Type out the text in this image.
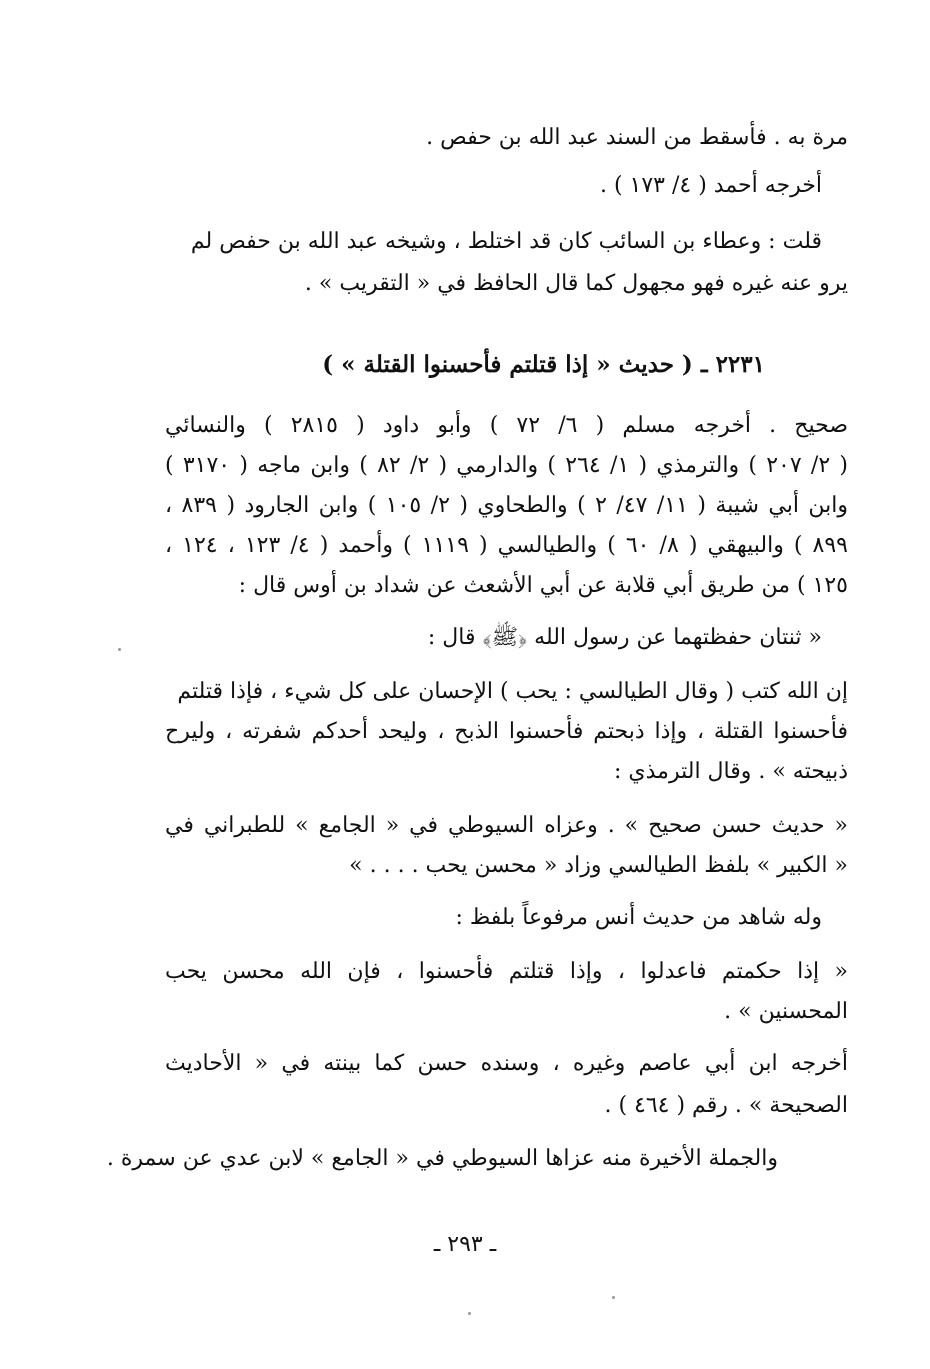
مرة به . فأسقط من السند عبد الله بن حفص .
أخرجه أحمد ( ٤/ ١٧٣ ) .
قلت : وعطاء بن السائب كان قد اختلط ، وشيخه عبد الله بن حفص لم
يرو عنه غيره فهو مجهول كما قال الحافظ في « التقريب » .
٢٢٣١ ـ ( حديث « إذا قتلتم فأحسنوا القتلة » )
صحيح . أخرجه مسلم ( ٦/ ٧٢ ) وأبو داود ( ٢٨١٥ ) والنسائي
( ٢/ ٢٠٧ ) والترمذي ( ١/ ٢٦٤ ) والدارمي ( ٢/ ٨٢ ) وابن ماجه ( ٣١٧٠ )
وابن أبي شيبة ( ١١/ ٤٧/ ٢ ) والطحاوي ( ٢/ ١٠٥ ) وابن الجارود ( ٨٣٩ ،
٨٩٩ ) والبيهقي ( ٨/ ٦٠ ) والطيالسي ( ١١١٩ ) وأحمد ( ٤/ ١٢٣ ، ١٢٤ ،
١٢٥ ) من طريق أبي قلابة عن أبي الأشعث عن شداد بن أوس قال :
« ثنتان حفظتهما عن رسول الله ﴿ﷺ﴾ قال :
إن الله كتب ( وقال الطيالسي : يحب ) الإحسان على كل شيء ، فإذا قتلتم
فأحسنوا القتلة ، وإذا ذبحتم فأحسنوا الذبح ، وليحد أحدكم شفرته ، وليرح
ذبيحته » . وقال الترمذي :
« حديث حسن صحيح » . وعزاه السيوطي في « الجامع » للطبراني في
« الكبير » بلفظ الطيالسي وزاد « محسن يحب . . . . »
وله شاهد من حديث أنس مرفوعاً بلفظ :
« إذا حكمتم فاعدلوا ، وإذا قتلتم فأحسنوا ، فإن الله محسن يحب
المحسنين » .
أخرجه ابن أبي عاصم وغيره ، وسنده حسن كما بينته في « الأحاديث
الصحيحة » . رقم ( ٤٦٤ ) .
والجملة الأخيرة منه عزاها السيوطي في « الجامع » لابن عدي عن سمرة .
ـ ٢٩٣ ـ
